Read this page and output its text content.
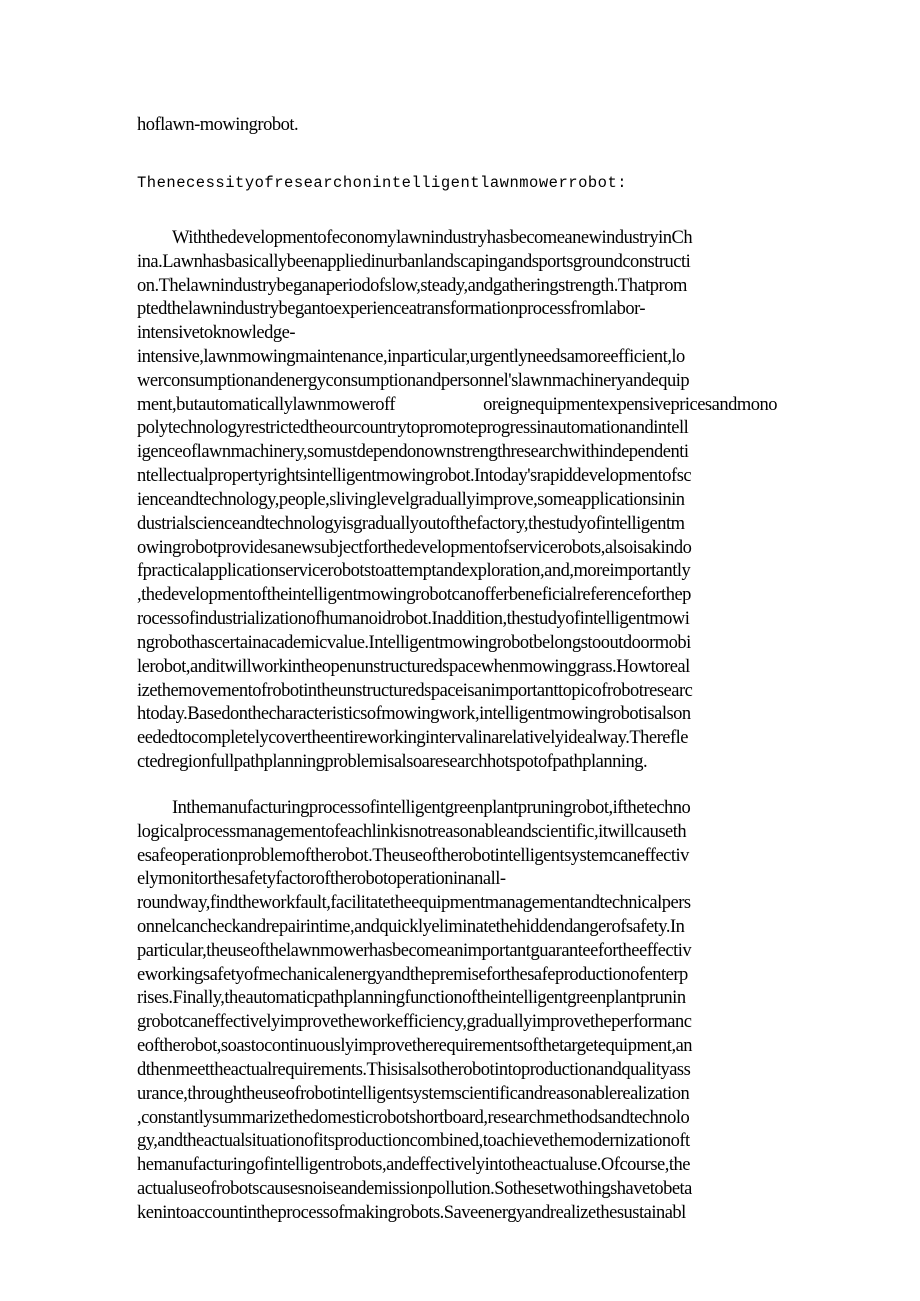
hoflawn-mowingrobot.
Thenecessityofresearchonintelligentlawnmowerrobot:
WiththedevelopmentofeconomylawnindustryhasbecomeanewindustryinCh
ina.Lawnhasbasicallybeenappliedinurbanlandscapingandsportsgroundconstructi
on.Thelawnindustrybeganaperiodofslow,steady,andgatheringstrength.Thatprom
ptedthelawnindustrybegantoexperienceatransformationprocessfromlabor-
intensivetoknowledge-
intensive,lawnmowingmaintenance,inparticular,urgentlyneedsamoreefficient,lo
werconsumptionandenergyconsumptionandpersonnel'slawnmachineryandequip
ment,butautomaticallylawnmoweroff oreignequipmentexpensivepricesandmono
polytechnologyrestrictedtheourcountrytopromoteprogressinautomationandintell
igenceoflawnmachinery,somustdependonownstrengthresearchwithindependenti
ntellectualpropertyrightsintelligentmowingrobot.Intoday'srapiddevelopmentofsc
ienceandtechnology,people,slivinglevelgraduallyimprove,someapplicationsinin
dustrialscienceandtechnologyisgraduallyoutofthefactory,thestudyofintelligentm
owingrobotprovidesanewsubjectforthedevelopmentofservicerobots,alsoisakindo
fpracticalapplicationservicerobotstoattemptandexploration,and,moreimportantly
,thedevelopmentoftheintelligentmowingrobotcanofferbeneficialreferenceforthep
rocessofindustrializationofhumanoidrobot.Inaddition,thestudyofintelligentmowi
ngrobothascertainacademicvalue.Intelligentmowingrobotbelongstooutdoormobi
lerobot,anditwillworkintheopenunstructuredspacewhenmowinggrass.Howtoreal
izethemovementofrobotintheunstructuredspaceisanimportanttopicofrobotresearc
htoday.Basedonthecharacteristicsofmowingwork,intelligentmowingrobotisalson
eededtocompletelycovertheentireworkingintervalinarelativelyidealway.Therefle
ctedregionfullpathplanningproblemisalsoaresearchhotspotofpathplanning.
Inthemanufacturingprocessofintelligentgreenplantpruningrobot,ifthetechno
logicalprocessmanagementofeachlinkisnotreasonableandscientific,itwillcauseth
esafeoperationproblemoftherobot.Theuseoftherobotintelligentsystemcaneffectiv
elymonitorthesafetyfactoroftherobotoperationinanall-
roundway,findtheworkfault,facilitatetheequipmentmanagementandtechnicalpers
onnelcancheckandrepairintime,andquicklyeliminatethehiddendangerofsafety.In
particular,theuseofthelawnmowerhasbecomeanimportantguaranteefortheeffectiv
eworkingsafetyofmechanicalenergyandthepremiseforthesafeproductionofenterp
rises.Finally,theautomaticpathplanningfunctionoftheintelligentgreenplantprunin
grobotcaneffectivelyimprovetheworkefficiency,graduallyimprovetheperformanc
eoftherobot,soastocontinuouslyimprovetherequirementsofthetargetequipment,an
dthenmeettheactualrequirements.Thisisalsotherobotintoproductionandqualityass
urance,throughtheuseofrobotintelligentsystemscientificandreasonablerealization
,constantlysummarizethedomesticrobotshortboard,researchmethodsandtechnolo
gy,andtheactualsituationofitsproductioncombined,toachievethemodernizationoft
hemanufacturingofintelligentrobots,andeffectivelyintotheactualuse.Ofcourse,the
actualuseofrobotscausesnoiseandemissionpollution.Sothesetwothingshavetobeta
kenintoaccountintheprocessofmakingrobots.Saveenergyandrealizethesustainabl
